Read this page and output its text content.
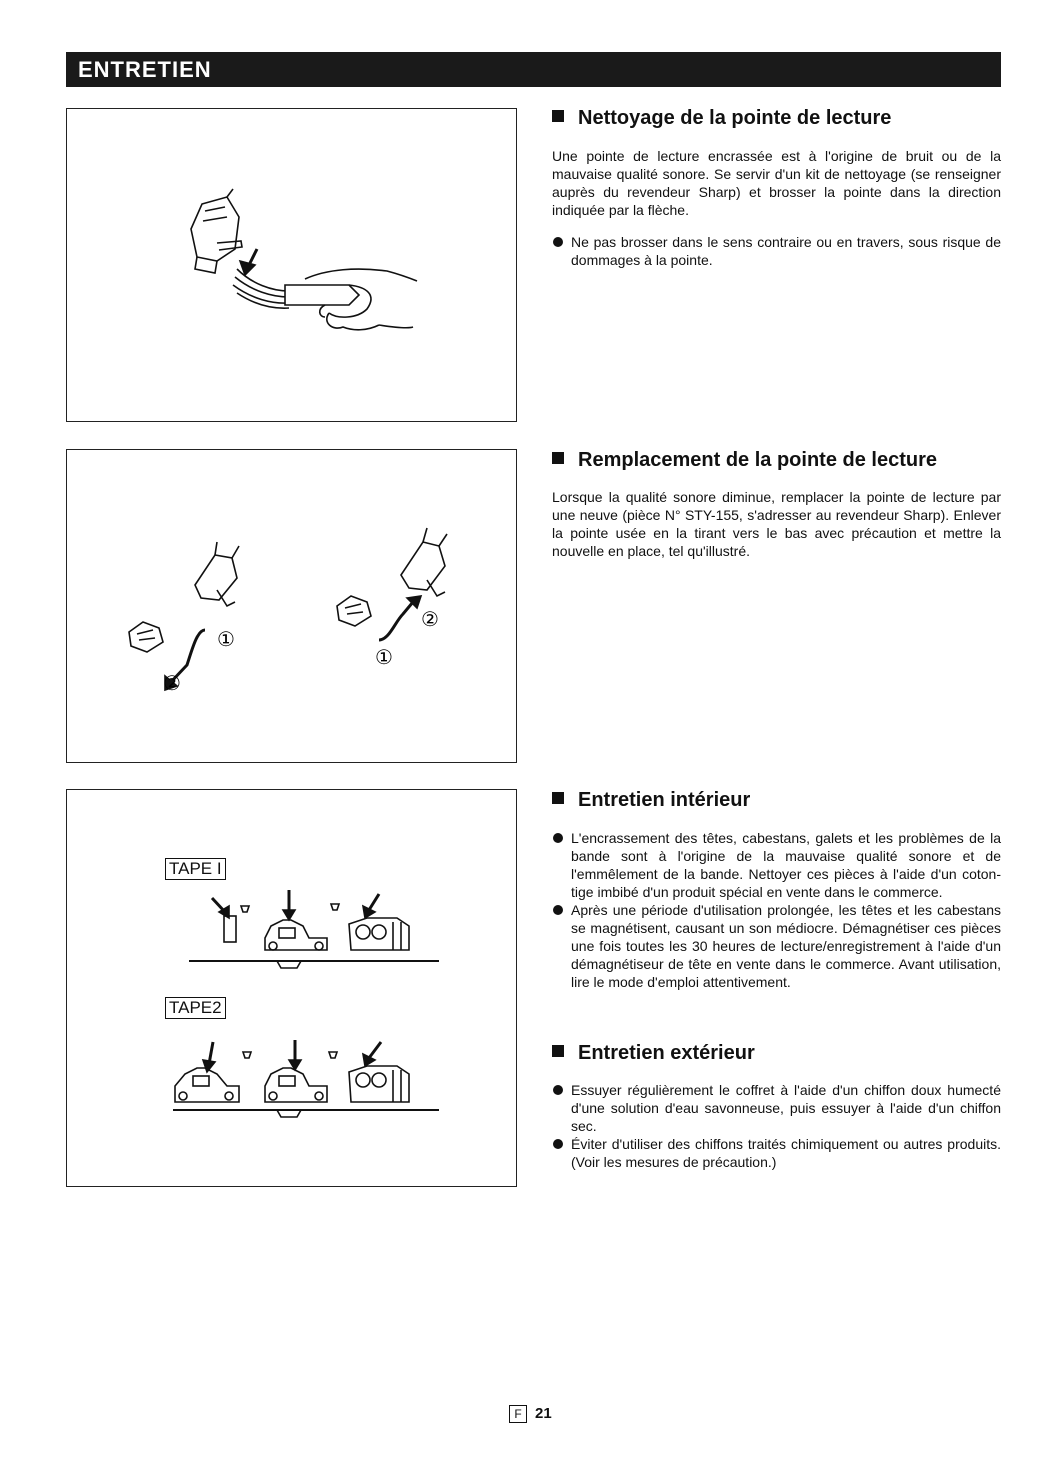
ENTRETIEN
①
②
②
①
TAPE I
TAPE2
Nettoyage de la pointe de lecture

Une pointe de lecture encrassée est à l'origine de bruit ou de la mauvaise qualité sonore. Se servir d'un kit de nettoyage (se renseigner auprès du revendeur Sharp) et brosser la pointe dans la direction indiquée par la flèche.

Ne pas brosser dans le sens contraire ou en travers, sous risque de dommages à la pointe.

Remplacement de la pointe de lecture

Lorsque la qualité sonore diminue, remplacer la pointe de lecture par une neuve (pièce N° STY-155, s'adresser au revendeur Sharp). Enlever la pointe usée en la tirant vers le bas avec précaution et mettre la nouvelle en place, tel qu'illustré.

Entretien intérieur

L'encrassement des têtes, cabestans, galets et les problèmes de la bande sont à l'origine de la mauvaise qualité sonore et de l'emmêlement de la bande. Nettoyer ces pièces à l'aide d'un coton-tige imbibé d'un produit spécial en vente dans le commerce.

Après une période d'utilisation prolongée, les têtes et les cabestans se magnétisent, causant un son médiocre. Démagnétiser ces pièces une fois toutes les 30 heures de lecture/enregistrement à l'aide d'un démagnétiseur de tête en vente dans le commerce. Avant utilisation, lire le mode d'emploi attentivement.

Entretien extérieur

Essuyer régulièrement le coffret à l'aide d'un chiffon doux humecté d'une solution d'eau savonneuse, puis essuyer à l'aide d'un chiffon sec.

Éviter d'utiliser des chiffons traités chimiquement ou autres produits. (Voir les mesures de précaution.)

F 21
